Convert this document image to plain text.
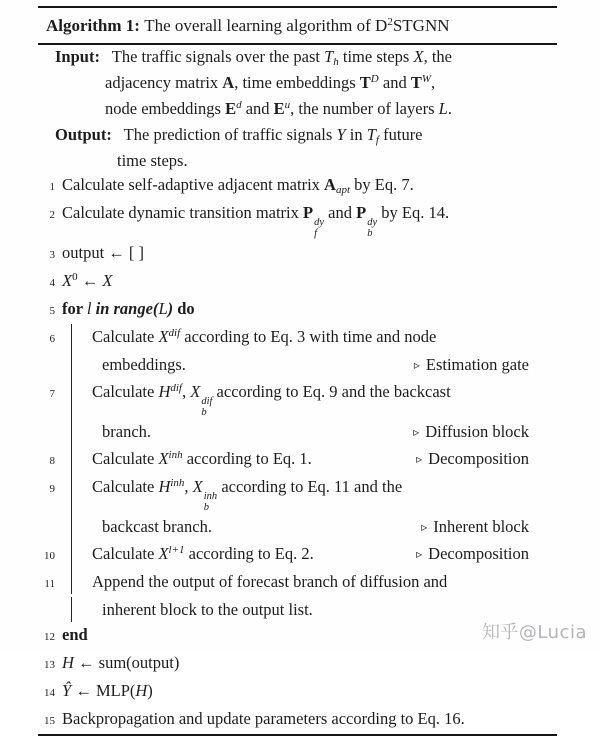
Algorithm 1: The overall learning algorithm of $D^2STGNN$
Input: The traffic signals over the past Th time steps X, the
adjacency matrix A, time embeddings $T^D$ and $T^W$,
node embeddings $E^d$ and $E^u$, the number of layers L.
Output: The prediction of traffic signals Y in Tf future
time steps.
1 Calculate self-adaptive adjacent matrix Aapt by Eq. 7.
2 Calculate dynamic transition matrix P
dy
f
and P
dy
b
by Eq. 14.
3 output ← [ ]
4 $X^0$ ← X
5 for l in range(L) do
6 Calculate $X^{dif}$ according to Eq. 3 with time and node
embeddings.	▹ Estimation gate
7 Calculate $H^{dif}$, X
dif
b
according to Eq. 9 and the backcast
branch.	▹ Diffusion block
8 Calculate $X^{inh}$ according to Eq. 1.	▹ Decomposition
9 Calculate $H^{inh}$, X
inh
b
according to Eq. 11 and the
backcast branch.	▹ Inherent block
10 Calculate $X^{l+1}$ according to Eq. 2.	▹ Decomposition
11 Append the output of forecast branch of diffusion and
inherent block to the output list.
12 end
13 H ← sum(output)
14 Ŷ ← MLP(H)
15 Backpropagation and update parameters according to Eq. 16.
知乎@Lucia
